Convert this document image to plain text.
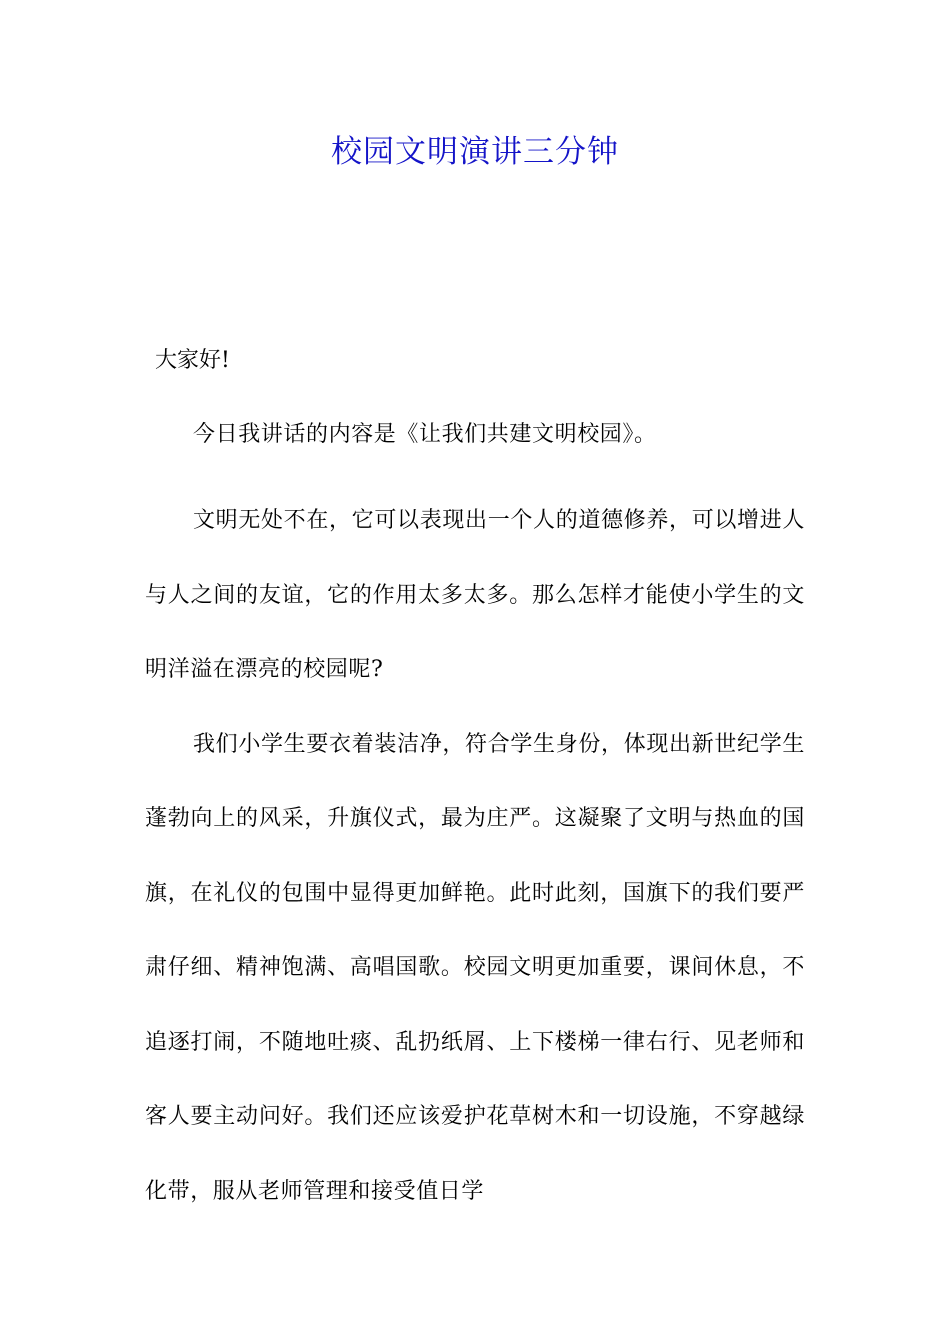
校园文明演讲三分钟

大家好!

今日我讲话的内容是《让我们共建文明校园》。

文明无处不在，它可以表现出一个人的道德修养，可以增进人与人之间的友谊，它的作用太多太多。那么怎样才能使小学生的文明洋溢在漂亮的校园呢?

我们小学生要衣着装洁净，符合学生身份，体现出新世纪学生蓬勃向上的风采，升旗仪式，最为庄严。这凝聚了文明与热血的国旗，在礼仪的包围中显得更加鲜艳。此时此刻，国旗下的我们要严肃仔细、精神饱满、高唱国歌。校园文明更加重要，课间休息，不追逐打闹，不随地吐痰、乱扔纸屑、上下楼梯一律右行、见老师和客人要主动问好。我们还应该爱护花草树木和一切设施，不穿越绿化带，服从老师管理和接受值日学
